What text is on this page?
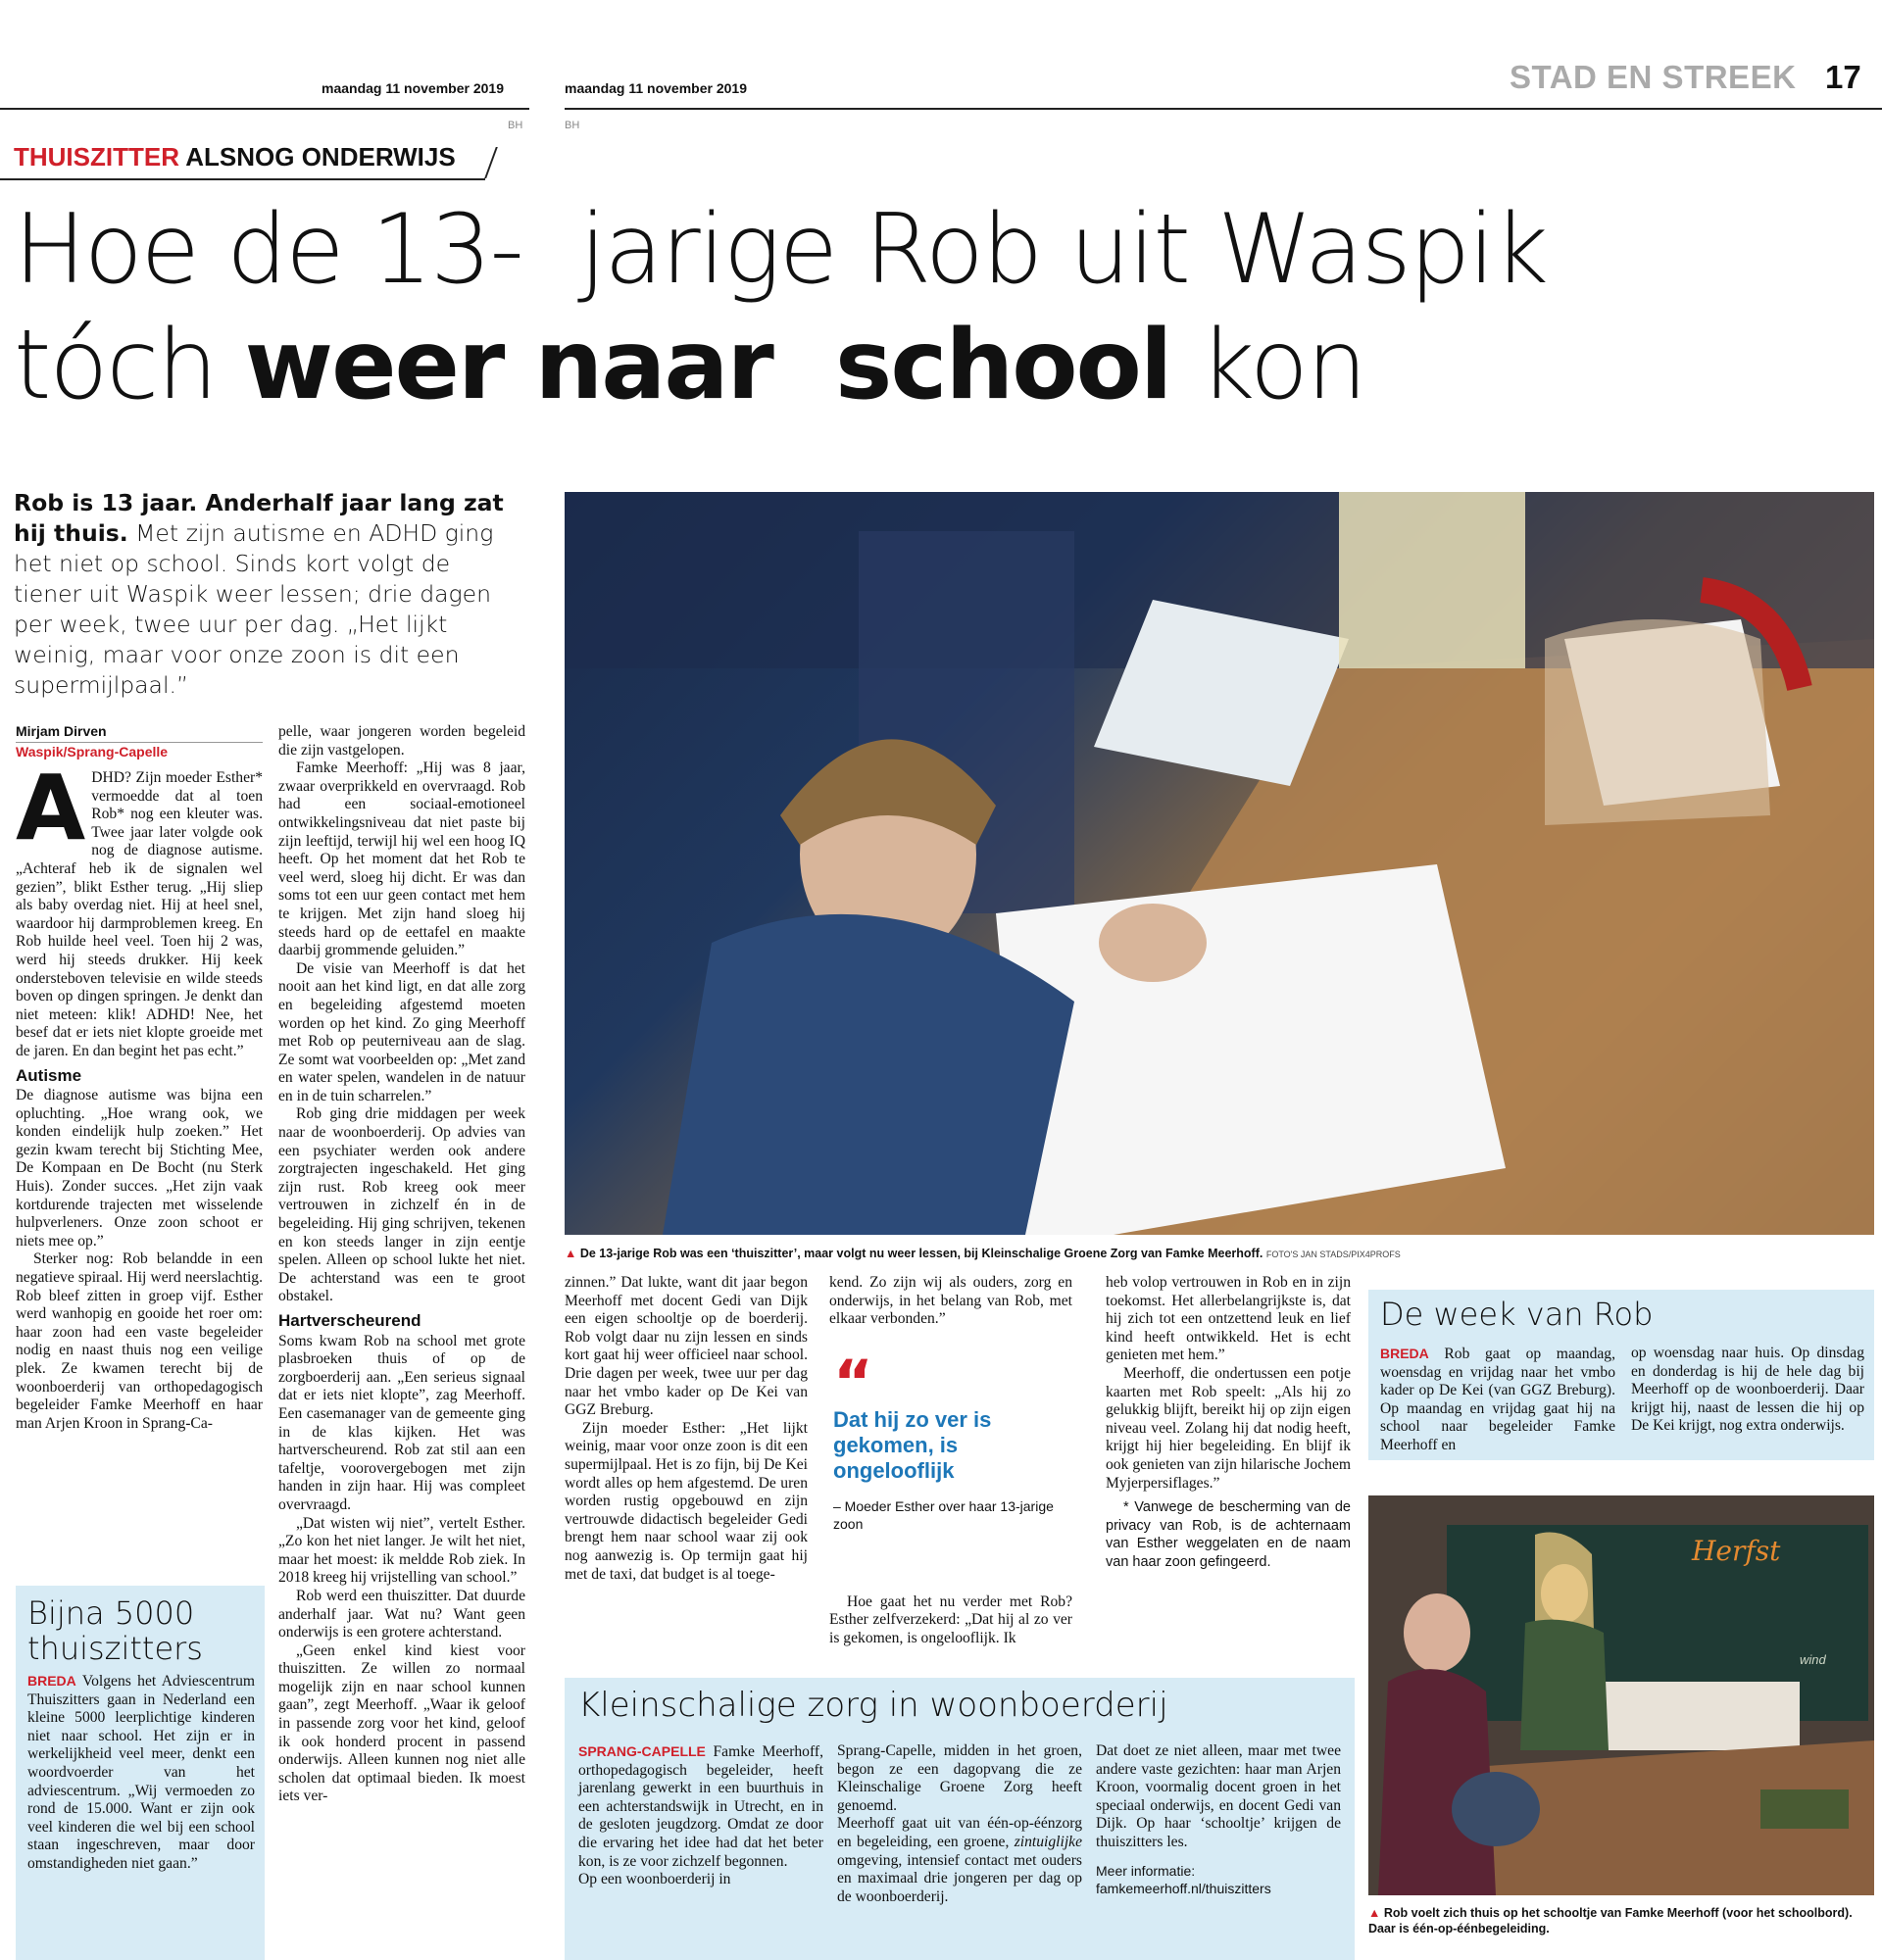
maandag 11 november 2019	maandag 11 november 2019
BH	BH
STAD EN STREEK 17
THUISZITTER ALSNOG ONDERWIJS
Hoe de 13-  jarige Rob uit Waspik
tóch weer naar  school kon
Rob is 13 jaar. Anderhalf jaar lang zat hij thuis. Met zijn autisme en ADHD ging het niet op school. Sinds kort volgt de tiener uit Waspik weer lessen; drie dagen per week, twee uur per dag. „Het lijkt weinig, maar voor onze zoon is dit een supermijlpaal.”
Mirjam Dirven
Waspik/Sprang-Capelle
A DHD? Zijn moeder Esther* vermoedde dat al toen Rob* nog een kleuter was. Twee jaar later volgde ook nog de diagnose autisme. „Achteraf heb ik de signalen wel gezien”, blikt Esther terug. „Hij sliep als baby overdag niet. Hij at heel snel, waardoor hij darmproblemen kreeg. En Rob huilde heel veel. Toen hij 2 was, werd hij steeds drukker. Hij keek ondersteboven televisie en wilde steeds boven op dingen springen. Je denkt dan niet meteen: klik! ADHD! Nee, het besef dat er iets niet klopte groeide met de jaren. En dan begint het pas echt.”

Autisme

De diagnose autisme was bijna een opluchting. „Hoe wrang ook, we konden eindelijk hulp zoeken.” Het gezin kwam terecht bij Stichting Mee, De Kompaan en De Bocht (nu Sterk Huis). Zonder succes. „Het zijn vaak kortdurende trajecten met wisselende hulpverleners. Onze zoon schoot er niets mee op.”

Sterker nog: Rob belandde in een negatieve spiraal. Hij werd neerslachtig. Rob bleef zitten in groep vijf. Esther werd wanhopig en gooide het roer om: haar zoon had een vaste begeleider nodig en naast thuis nog een veilige plek. Ze kwamen terecht bij de woonboerderij van orthopedagogisch begeleider Famke Meerhoff en haar man Arjen Kroon in Sprang-Ca-

Bijna 5000 thuiszitters
BREDA Volgens het Adviescentrum Thuiszitters gaan in Nederland een kleine 5000 leerplichtige kinderen niet naar school. Het zijn er in werkelijkheid veel meer, denkt een woordvoerder van het adviescentrum. „Wij vermoeden zo rond de 15.000. Want er zijn ook veel kinderen die wel bij een school staan ingeschreven, maar door omstandigheden niet gaan.”

pelle, waar jongeren worden begeleid die zijn vastgelopen.

Famke Meerhoff: „Hij was 8 jaar, zwaar overprikkeld en overvraagd. Rob had een sociaal-emotioneel ontwikkelingsniveau dat niet paste bij zijn leeftijd, terwijl hij wel een hoog IQ heeft. Op het moment dat het Rob te veel werd, sloeg hij dicht. Er was dan soms tot een uur geen contact met hem te krijgen. Met zijn hand sloeg hij steeds hard op de eettafel en maakte daarbij grommende geluiden.”

De visie van Meerhoff is dat het nooit aan het kind ligt, en dat alle zorg en begeleiding afgestemd moeten worden op het kind. Zo ging Meerhoff met Rob op peuterniveau aan de slag. Ze somt wat voorbeelden op: „Met zand en water spelen, wandelen in de natuur en in de tuin scharrelen.”

Rob ging drie middagen per week naar de woonboerderij. Op advies van een psychiater werden ook andere zorgtrajecten ingeschakeld. Het ging zijn rust. Rob kreeg ook meer vertrouwen in zichzelf én in de begeleiding. Hij ging schrijven, tekenen en kon steeds langer in zijn eentje spelen. Alleen op school lukte het niet. De achterstand was een te groot obstakel.

Hartverscheurend

Soms kwam Rob na school met grote plasbroeken thuis of op de zorgboerderij aan. „Een serieus signaal dat er iets niet klopte”, zag Meerhoff. Een casemanager van de gemeente ging in de klas kijken. Het was hartverscheurend. Rob zat stil aan een tafeltje, voorovergebogen met zijn handen in zijn haar. Hij was compleet overvraagd.

„Dat wisten wij niet”, vertelt Esther. „Zo kon het niet langer. Je wilt het niet, maar het moest: ik meldde Rob ziek. In 2018 kreeg hij vrijstelling van school.”

Rob werd een thuiszitter. Dat duurde anderhalf jaar. Wat nu? Want geen onderwijs is een grotere achterstand.

„Geen enkel kind kiest voor thuiszitten. Ze willen zo normaal mogelijk zijn en naar school kunnen gaan”, zegt Meerhoff. „Waar ik geloof in passende zorg voor het kind, geloof ik ook honderd procent in passend onderwijs. Alleen kunnen nog niet alle scholen dat optimaal bieden. Ik moest iets ver-

▲ De 13-jarige Rob was een ‘thuiszitter’, maar volgt nu weer lessen, bij Kleinschalige Groene Zorg van Famke Meerhoff. FOTO'S JAN STADS/PIX4PROFS

zinnen.” Dat lukte, want dit jaar begon Meerhoff met docent Gedi van Dijk een eigen schooltje op de boerderij. Rob volgt daar nu zijn lessen en sinds kort gaat hij weer officieel naar school. Drie dagen per week, twee uur per dag naar het vmbo kader op De Kei van GGZ Breburg.

Zijn moeder Esther: „Het lijkt weinig, maar voor onze zoon is dit een supermijlpaal. Het is zo fijn, bij De Kei wordt alles op hem afgestemd. De uren worden rustig opgebouwd en zijn vertrouwde didactisch begeleider Gedi brengt hem naar school waar zij ook nog aanwezig is. Op termijn gaat hij met de taxi, dat budget is al toege-

kend. Zo zijn wij als ouders, zorg en onderwijs, in het belang van Rob, met elkaar verbonden.”

“
Dat hij zo ver is gekomen, is ongelooflijk
– Moeder Esther over haar 13-jarige zoon

Hoe gaat het nu verder met Rob? Esther zelfverzekerd: „Dat hij al zo ver is gekomen, is ongelooflijk. Ik

heb volop vertrouwen in Rob en in zijn toekomst. Het allerbelangrijkste is, dat hij zich tot een ontzettend leuk en lief kind heeft ontwikkeld. Het is echt genieten met hem.”

Meerhoff, die ondertussen een potje kaarten met Rob speelt: „Als hij zo gelukkig blijft, bereikt hij op zijn eigen niveau veel. Zolang hij dat nodig heeft, krijgt hij hier begeleiding. En blijf ik ook genieten van zijn hilarische Jochem Myjerpersiflages.”

* Vanwege de bescherming van de privacy van Rob, is de achternaam van Esther weggelaten en de naam van haar zoon gefingeerd.

De week van Rob
BREDA Rob gaat op maandag, woensdag en vrijdag naar het vmbo kader op De Kei (van GGZ Breburg). Op maandag en vrijdag gaat hij na school naar begeleider Famke Meerhoff en
op woensdag naar huis. Op dinsdag en donderdag is hij de hele dag bij Meerhoff op de woonboerderij. Daar krijgt hij, naast de lessen die hij op De Kei krijgt, nog extra onderwijs.
Kleinschalige zorg in woonboerderij

SPRANG-CAPELLE Famke Meerhoff, orthopedagogisch begeleider, heeft jarenlang gewerkt in een buurthuis in een achterstandswijk in Utrecht, en in de gesloten jeugdzorg. Omdat ze door die ervaring het idee had dat het beter kon, is ze voor zichzelf begonnen.

Op een woonboerderij in

Sprang-Capelle, midden in het groen, begon ze een dagopvang die ze Kleinschalige Groene Zorg heeft genoemd.

Meerhoff gaat uit van één-op-éénzorg en begeleiding, een groene, zintuiglijke omgeving, intensief contact met ouders en maximaal drie jongeren per dag op de woonboerderij.

Dat doet ze niet alleen, maar met twee andere vaste gezichten: haar man Arjen Kroon, voormalig docent groen in het speciaal onderwijs, en docent Gedi van Dijk. Op haar ‘schooltje’ krijgen de thuiszitters les.

Meer informatie:

famkemeerhoff.nl/thuiszitters

Herfst
wind
▲ Rob voelt zich thuis op het schooltje van Famke Meerhoff (voor het schoolbord). Daar is één-op-éénbegeleiding.
